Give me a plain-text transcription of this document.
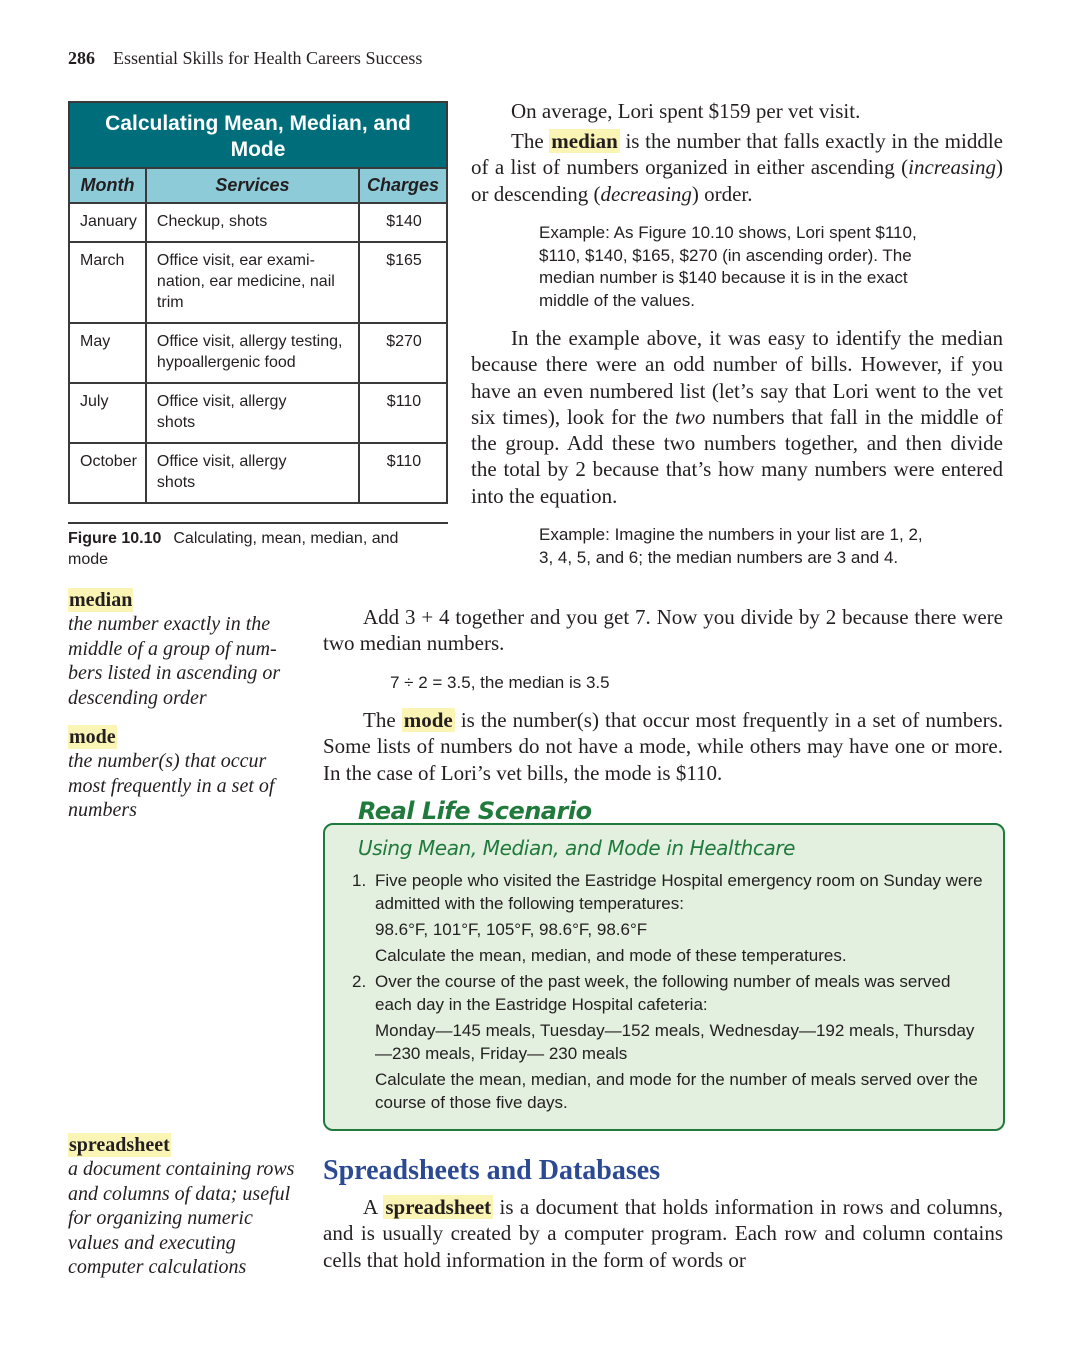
286 Essential Skills for Health Careers Success
Calculating Mean, Median, and Mode		
Month	Services	Charges
January	Checkup, shots	$140
March	Office visit, ear examination, ear medicine, nail trim	$165
May	Office visit, allergy testing, hypoallergenic food	$270
July	Office visit, allergy shots	$110
October	Office visit, allergy shots	$110
Figure 10.10 Calculating, mean, median, and mode
median
the number exactly in the middle of a group of numbers listed in ascending or descending order
mode
the number(s) that occur most frequently in a set of numbers
spreadsheet
a document containing rows and columns of data; useful for organizing numeric values and executing computer calculations
On average, Lori spent $159 per vet visit.
The median is the number that falls exactly in the middle of a list of numbers organized in either ascending (increasing) or descending (decreasing) order.
Example: As Figure 10.10 shows, Lori spent $110, $110, $140, $165, $270 (in ascending order). The median number is $140 because it is in the exact middle of the values.
In the example above, it was easy to identify the median because there were an odd number of bills. However, if you have an even numbered list (let’s say that Lori went to the vet six times), look for the two numbers that fall in the middle of the group. Add these two numbers together, and then divide the total by 2 because that’s how many numbers were entered into the equation.
Example: Imagine the numbers in your list are 1, 2, 3, 4, 5, and 6; the median numbers are 3 and 4.
Add 3 + 4 together and you get 7. Now you divide by 2 because there were two median numbers.
7 ÷ 2 = 3.5, the median is 3.5
The mode is the number(s) that occur most frequently in a set of numbers. Some lists of numbers do not have a mode, while others may have one or more. In the case of Lori’s vet bills, the mode is $110.
Real Life Scenario
Using Mean, Median, and Mode in Healthcare
1. Five people who visited the Eastridge Hospital emergency room on Sunday were admitted with the following temperatures:
98.6°F, 101°F, 105°F, 98.6°F, 98.6°F
Calculate the mean, median, and mode of these temperatures.
2. Over the course of the past week, the following number of meals was served each day in the Eastridge Hospital cafeteria:
Monday—145 meals, Tuesday—152 meals, Wednesday—192 meals, Thursday—230 meals, Friday— 230 meals
Calculate the mean, median, and mode for the number of meals served over the course of those five days.
Spreadsheets and Databases
A spreadsheet is a document that holds information in rows and columns, and is usually created by a computer program. Each row and column contains cells that hold information in the form of words or
